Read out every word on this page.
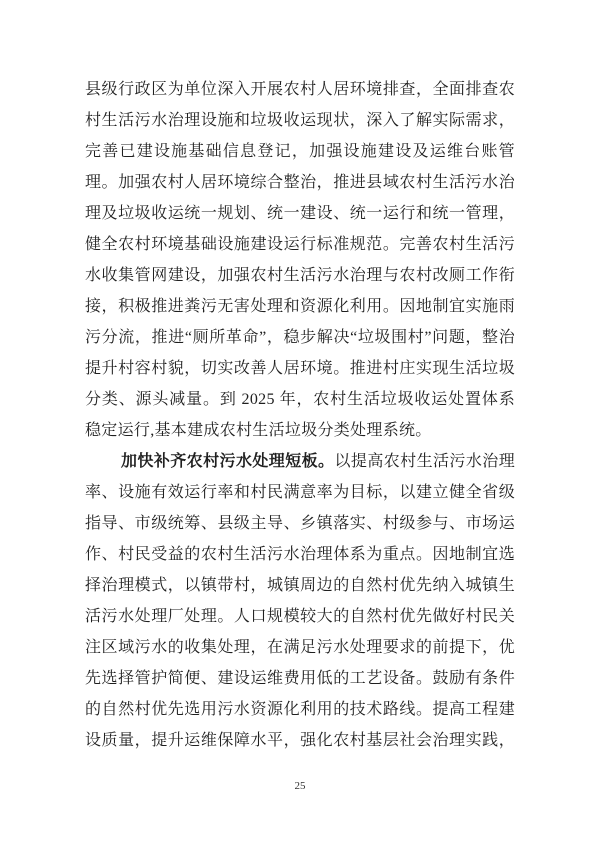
县级行政区为单位深入开展农村人居环境排查，全面排查农
村生活污水治理设施和垃圾收运现状，深入了解实际需求，
完善已建设施基础信息登记，加强设施建设及运维台账管
理。加强农村人居环境综合整治，推进县域农村生活污水治
理及垃圾收运统一规划、统一建设、统一运行和统一管理，
健全农村环境基础设施建设运行标准规范。完善农村生活污
水收集管网建设，加强农村生活污水治理与农村改厕工作衔
接，积极推进粪污无害处理和资源化利用。因地制宜实施雨
污分流，推进“厕所革命”，稳步解决“垃圾围村”问题，整治
提升村容村貌，切实改善人居环境。推进村庄实现生活垃圾
分类、源头减量。到 2025 年，农村生活垃圾收运处置体系
稳定运行,基本建成农村生活垃圾分类处理系统。
加快补齐农村污水处理短板。以提高农村生活污水治理
率、设施有效运行率和村民满意率为目标，以建立健全省级
指导、市级统筹、县级主导、乡镇落实、村级参与、市场运
作、村民受益的农村生活污水治理体系为重点。因地制宜选
择治理模式，以镇带村，城镇周边的自然村优先纳入城镇生
活污水处理厂处理。人口规模较大的自然村优先做好村民关
注区域污水的收集处理，在满足污水处理要求的前提下，优
先选择管护简便、建设运维费用低的工艺设备。鼓励有条件
的自然村优先选用污水资源化利用的技术路线。提高工程建
设质量，提升运维保障水平，强化农村基层社会治理实践，
25
